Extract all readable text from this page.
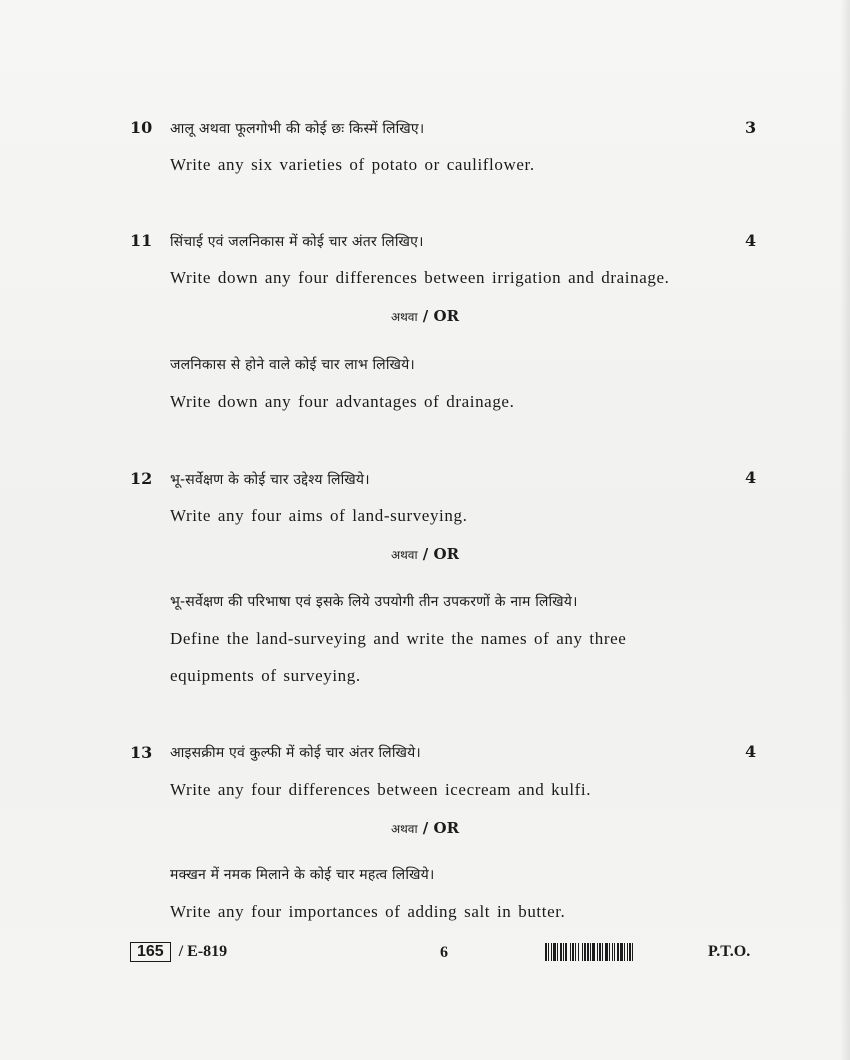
10 आलू अथवा फूलगोभी की कोई छः किस्में लिखिए।	3
Write any six varieties of potato or cauliflower.
11 सिंचाई एवं जलनिकास में कोई चार अंतर लिखिए।	4
Write down any four differences between irrigation and drainage.
अथवा / OR
जलनिकास से होने वाले कोई चार लाभ लिखिये।
Write down any four advantages of drainage.
12 भू-सर्वेक्षण के कोई चार उद्देश्य लिखिये।	4
Write any four aims of land-surveying.
अथवा / OR
भू-सर्वेक्षण की परिभाषा एवं इसके लिये उपयोगी तीन उपकरणों के नाम लिखिये।
Define the land-surveying and write the names of any three
equipments of surveying.
13 आइसक्रीम एवं कुल्फी में कोई चार अंतर लिखिये।	4
Write any four differences between icecream and kulfi.
अथवा / OR
मक्खन में नमक मिलाने के कोई चार महत्व लिखिये।
Write any four importances of adding salt in butter.
165 / E-819	6	P.T.O.
